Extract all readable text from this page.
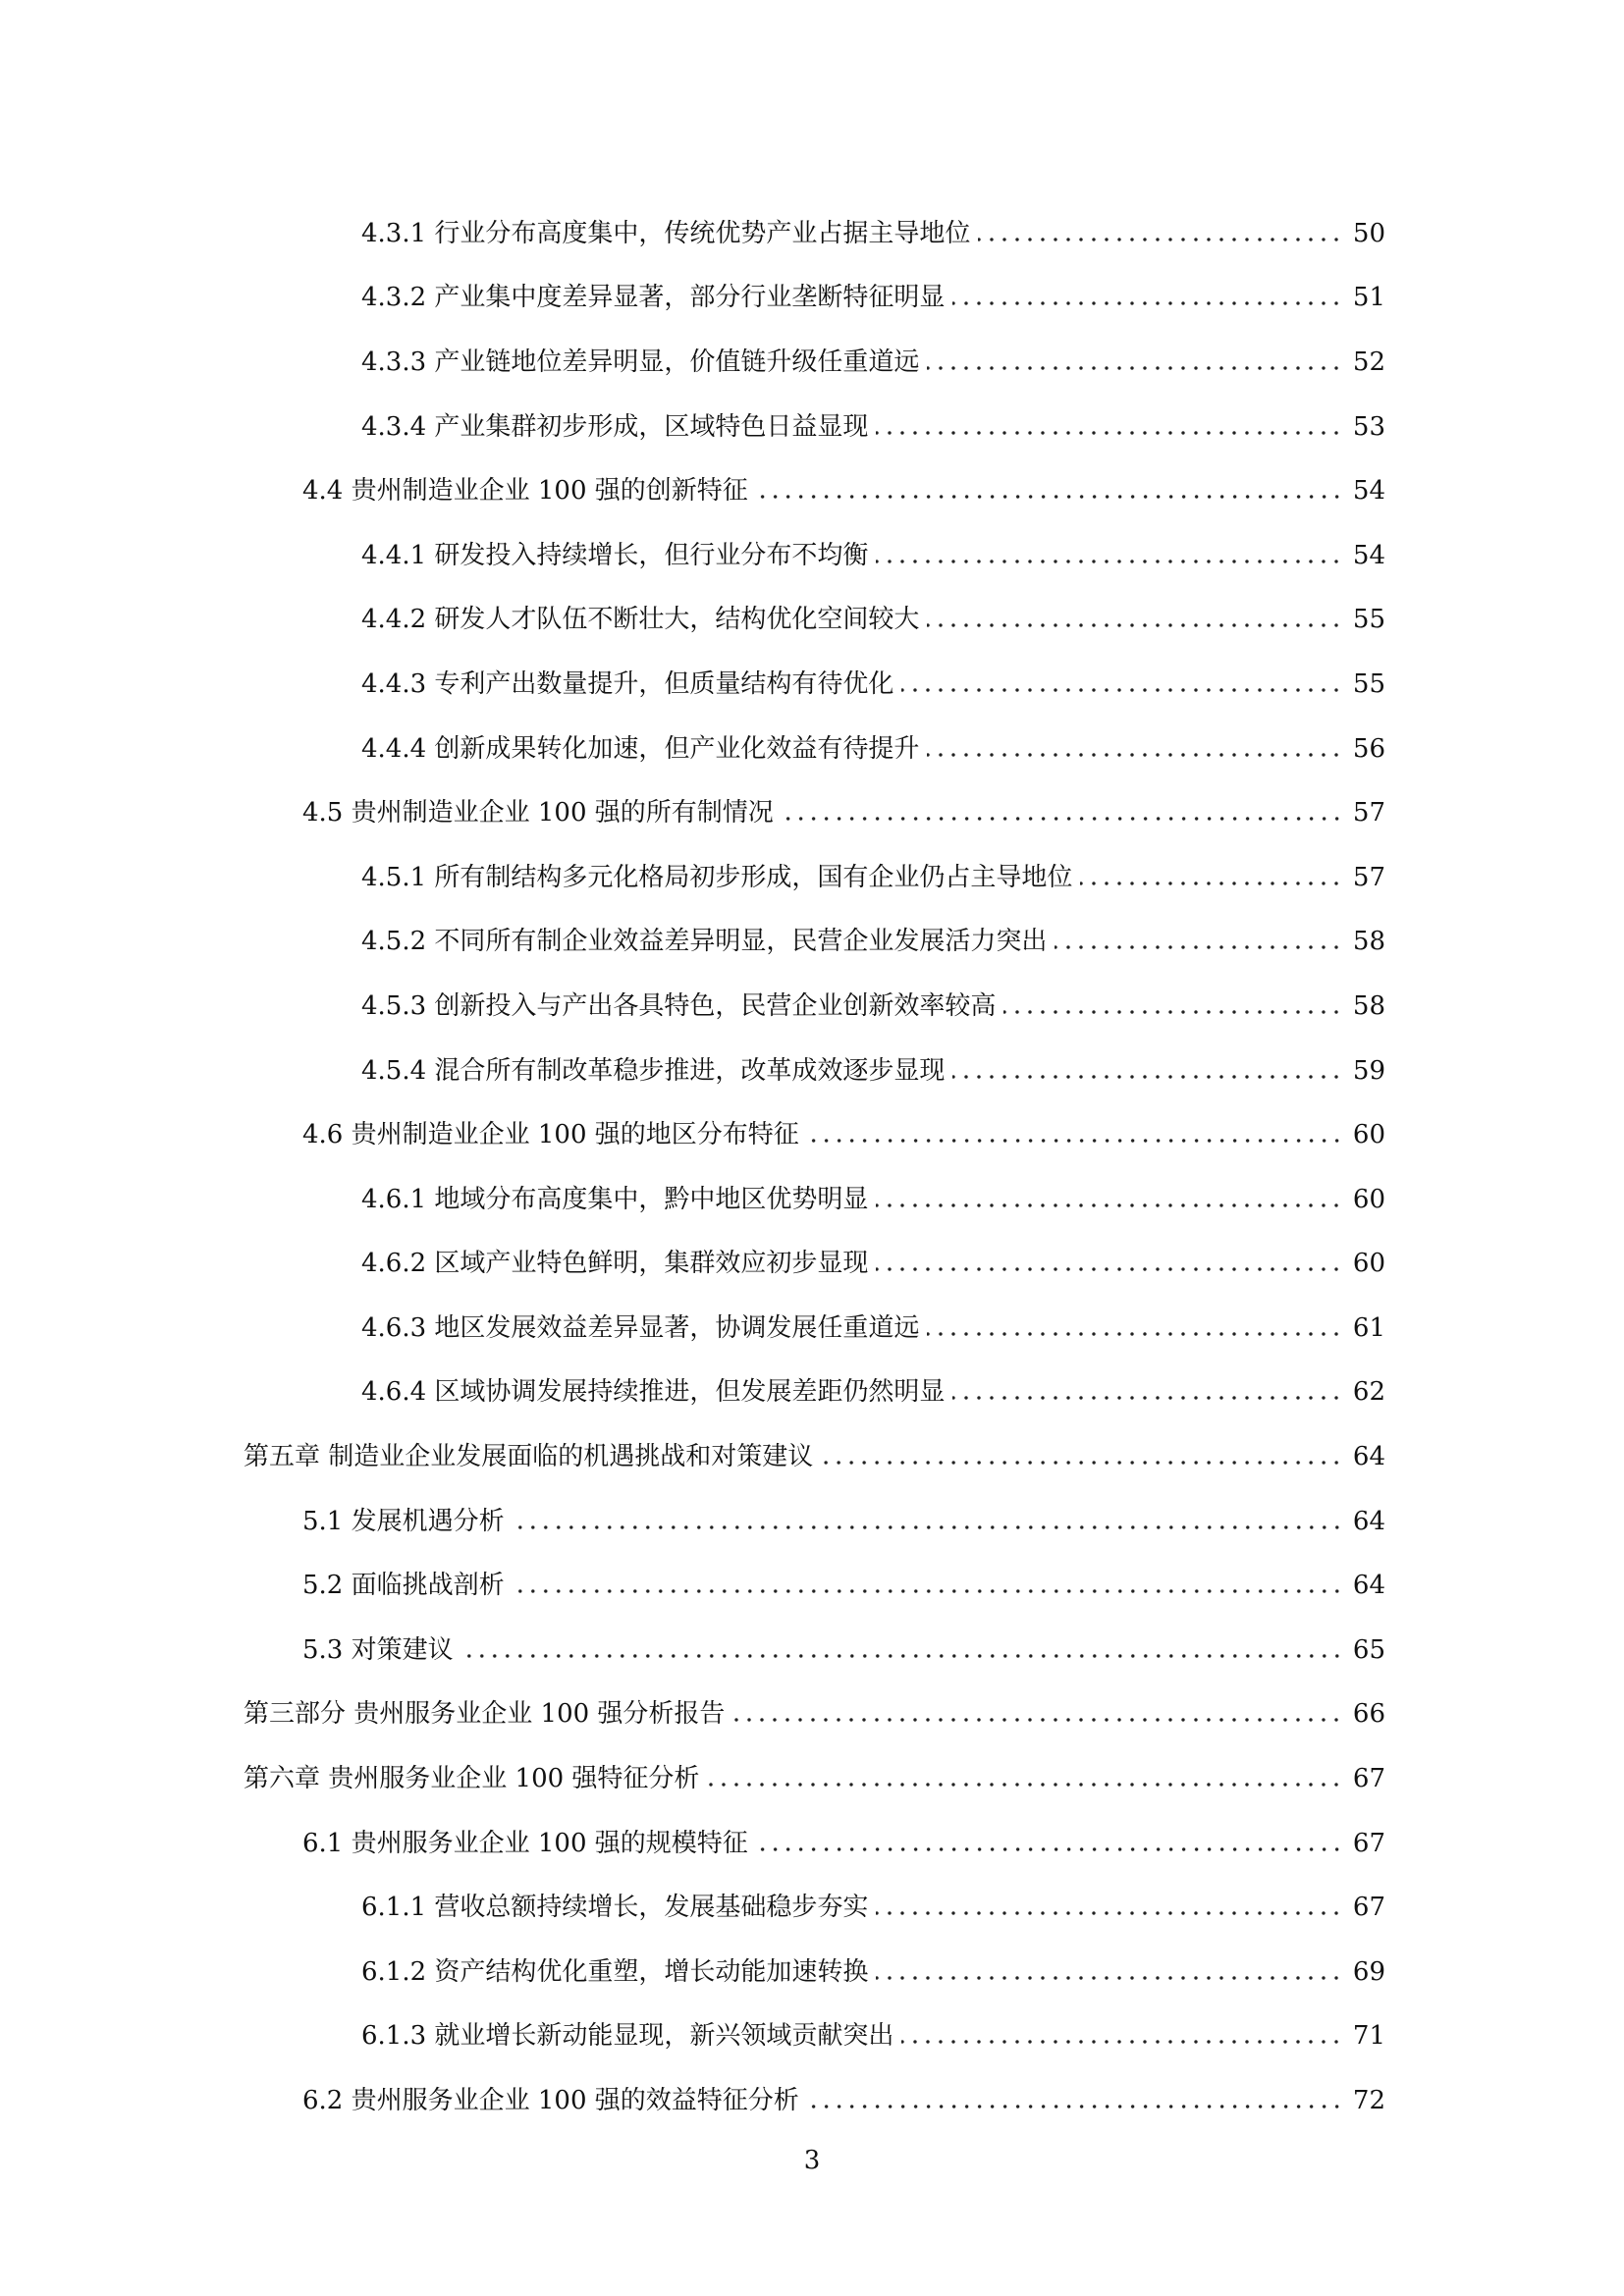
4.3.1 行业分布高度集中，传统优势产业占据主导地位	50
4.3.2 产业集中度差异显著，部分行业垄断特征明显	51
4.3.3 产业链地位差异明显，价值链升级任重道远	52
4.3.4 产业集群初步形成，区域特色日益显现	53
4.4 贵州制造业企业 100 强的创新特征	54
4.4.1 研发投入持续增长，但行业分布不均衡	54
4.4.2 研发人才队伍不断壮大，结构优化空间较大	55
4.4.3 专利产出数量提升，但质量结构有待优化	55
4.4.4 创新成果转化加速，但产业化效益有待提升	56
4.5 贵州制造业企业 100 强的所有制情况	57
4.5.1 所有制结构多元化格局初步形成，国有企业仍占主导地位	57
4.5.2 不同所有制企业效益差异明显，民营企业发展活力突出	58
4.5.3 创新投入与产出各具特色，民营企业创新效率较高	58
4.5.4 混合所有制改革稳步推进，改革成效逐步显现	59
4.6 贵州制造业企业 100 强的地区分布特征	60
4.6.1 地域分布高度集中，黔中地区优势明显	60
4.6.2 区域产业特色鲜明，集群效应初步显现	60
4.6.3 地区发展效益差异显著，协调发展任重道远	61
4.6.4 区域协调发展持续推进，但发展差距仍然明显	62
第五章 制造业企业发展面临的机遇挑战和对策建议	64
5.1 发展机遇分析	64
5.2 面临挑战剖析	64
5.3 对策建议	65
第三部分 贵州服务业企业 100 强分析报告	66
第六章 贵州服务业企业 100 强特征分析	67
6.1 贵州服务业企业 100 强的规模特征	67
6.1.1 营收总额持续增长，发展基础稳步夯实	67
6.1.2 资产结构优化重塑，增长动能加速转换	69
6.1.3 就业增长新动能显现，新兴领域贡献突出	71
6.2 贵州服务业企业 100 强的效益特征分析	72
3
